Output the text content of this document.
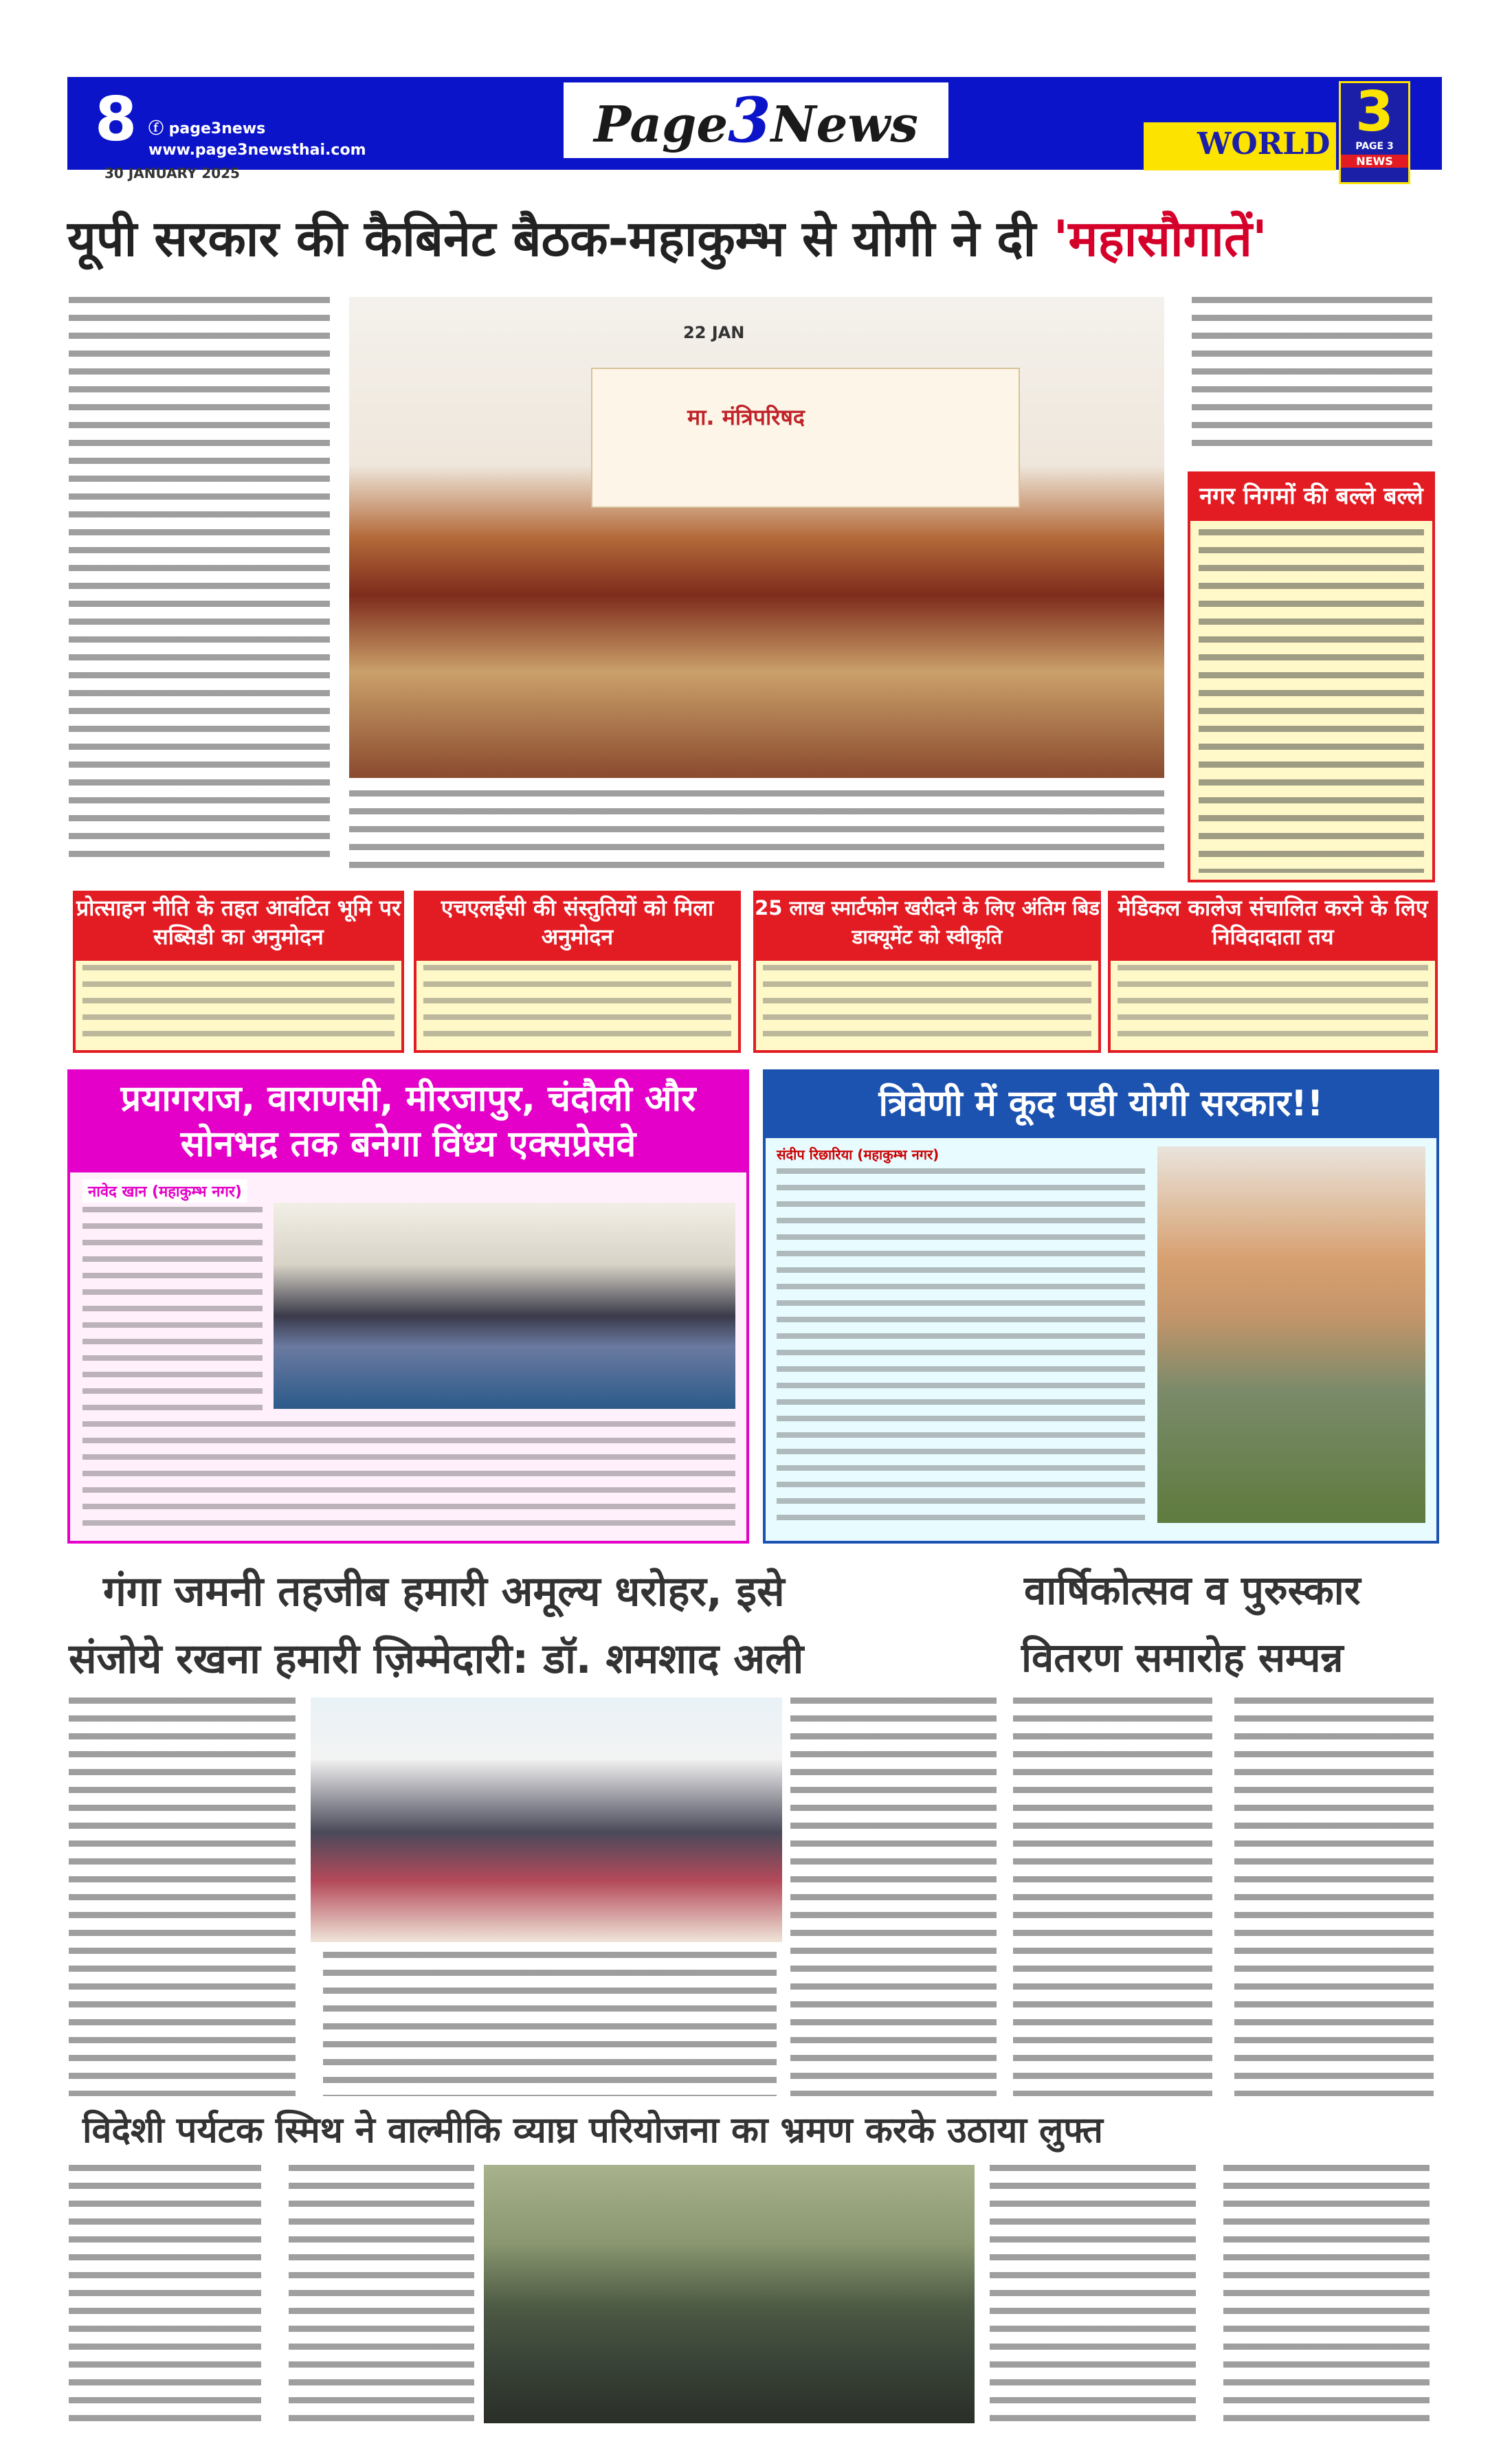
8 ⓕ page3news
www.page3newsthai.com
30 JANUARY 2025
Page3News	WORLD
3
PAGE 3
NEWS
यूपी सरकार की कैबिनेट बैठक-महाकुम्भ से योगी ने दी 'महासौगातें'
मा. मंत्रिपरिषद
22 JAN
नगर निगमों की बल्ले बल्ले
प्रोत्साहन नीति के तहत आवंटित भूमि पर सब्सिडी का अनुमोदन
एचएलईसी की संस्तुतियों को मिला अनुमोदन
25 लाख स्मार्टफोन खरीदने के लिए अंतिम बिड डाक्यूमेंट को स्वीकृति
मेडिकल कालेज संचालित करने के लिए निविदादाता तय
प्रयागराज, वाराणसी, मीरजापुर, चंदौली और सोनभद्र तक बनेगा विंध्य एक्सप्रेसवे
नावेद खान (महाकुम्भ नगर)
त्रिवेणी में कूद पडी योगी सरकार!!
संदीप रिछारिया (महाकुम्भ नगर)
गंगा जमनी तहजीब हमारी अमूल्य धरोहर, इसे
संजोये रखना हमारी ज़िम्मेदारी: डॉ. शमशाद अली
वार्षिकोत्सव व पुरुस्कार
वितरण समारोह सम्पन्न
विदेशी पर्यटक स्मिथ ने वाल्मीकि व्याघ्र परियोजना का भ्रमण करके उठाया लुफ्त
